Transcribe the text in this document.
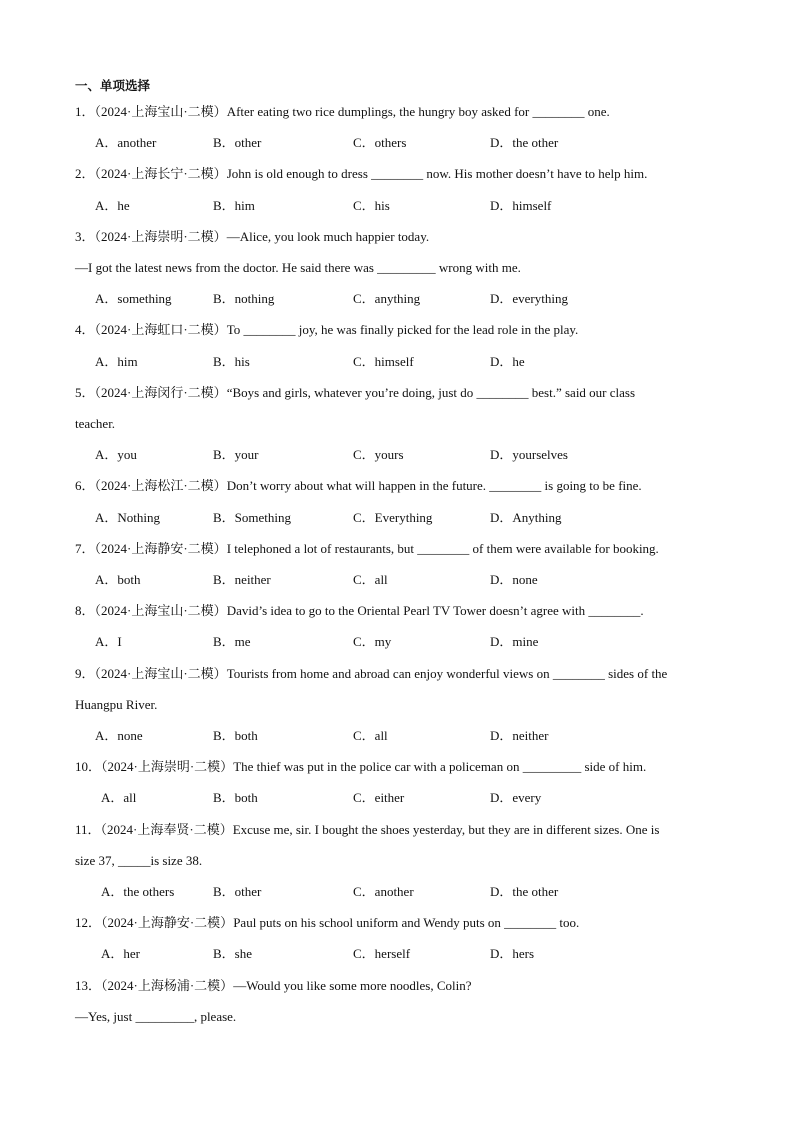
一、单项选择
1．（2024·上海宝山·二模）After eating two rice dumplings, the hungry boy asked for ________ one.
A．another	B．other	C．others	D．the other
2．（2024·上海长宁·二模）John is old enough to dress ________ now. His mother doesn’t have to help him.
A．he	B．him	C．his	D．himself
3．（2024·上海崇明·二模）—Alice, you look much happier today.
—I got the latest news from the doctor. He said there was _________ wrong with me.
A．something	B．nothing	C．anything	D．everything
4．（2024·上海虹口·二模）To ________ joy, he was finally picked for the lead role in the play.
A．him	B．his	C．himself	D．he
5．（2024·上海闵行·二模）“Boys and girls, whatever you’re doing, just do ________ best.” said our class
teacher.
A．you	B．your	C．yours	D．yourselves
6．（2024·上海松江·二模）Don’t worry about what will happen in the future. ________ is going to be fine.
A．Nothing	B．Something	C．Everything	D．Anything
7．（2024·上海静安·二模）I telephoned a lot of restaurants, but ________ of them were available for booking.
A．both	B．neither	C．all	D．none
8．（2024·上海宝山·二模）David’s idea to go to the Oriental Pearl TV Tower doesn’t agree with ________.
A．I	B．me	C．my	D．mine
9．（2024·上海宝山·二模）Tourists from home and abroad can enjoy wonderful views on ________ sides of the
Huangpu River.
A．none	B．both	C．all	D．neither
10．（2024·上海崇明·二模）The thief was put in the police car with a policeman on _________ side of him.
A．all	B．both	C．either	D．every
11．（2024·上海奉贤·二模）Excuse me, sir. I bought the shoes yesterday, but they are in different sizes. One is
size 37, _____is size 38.
A．the others	B．other	C．another	D．the other
12．（2024·上海静安·二模）Paul puts on his school uniform and Wendy puts on ________ too.
A．her	B．she	C．herself	D．hers
13．（2024·上海杨浦·二模）—Would you like some more noodles, Colin?
—Yes, just _________, please.
